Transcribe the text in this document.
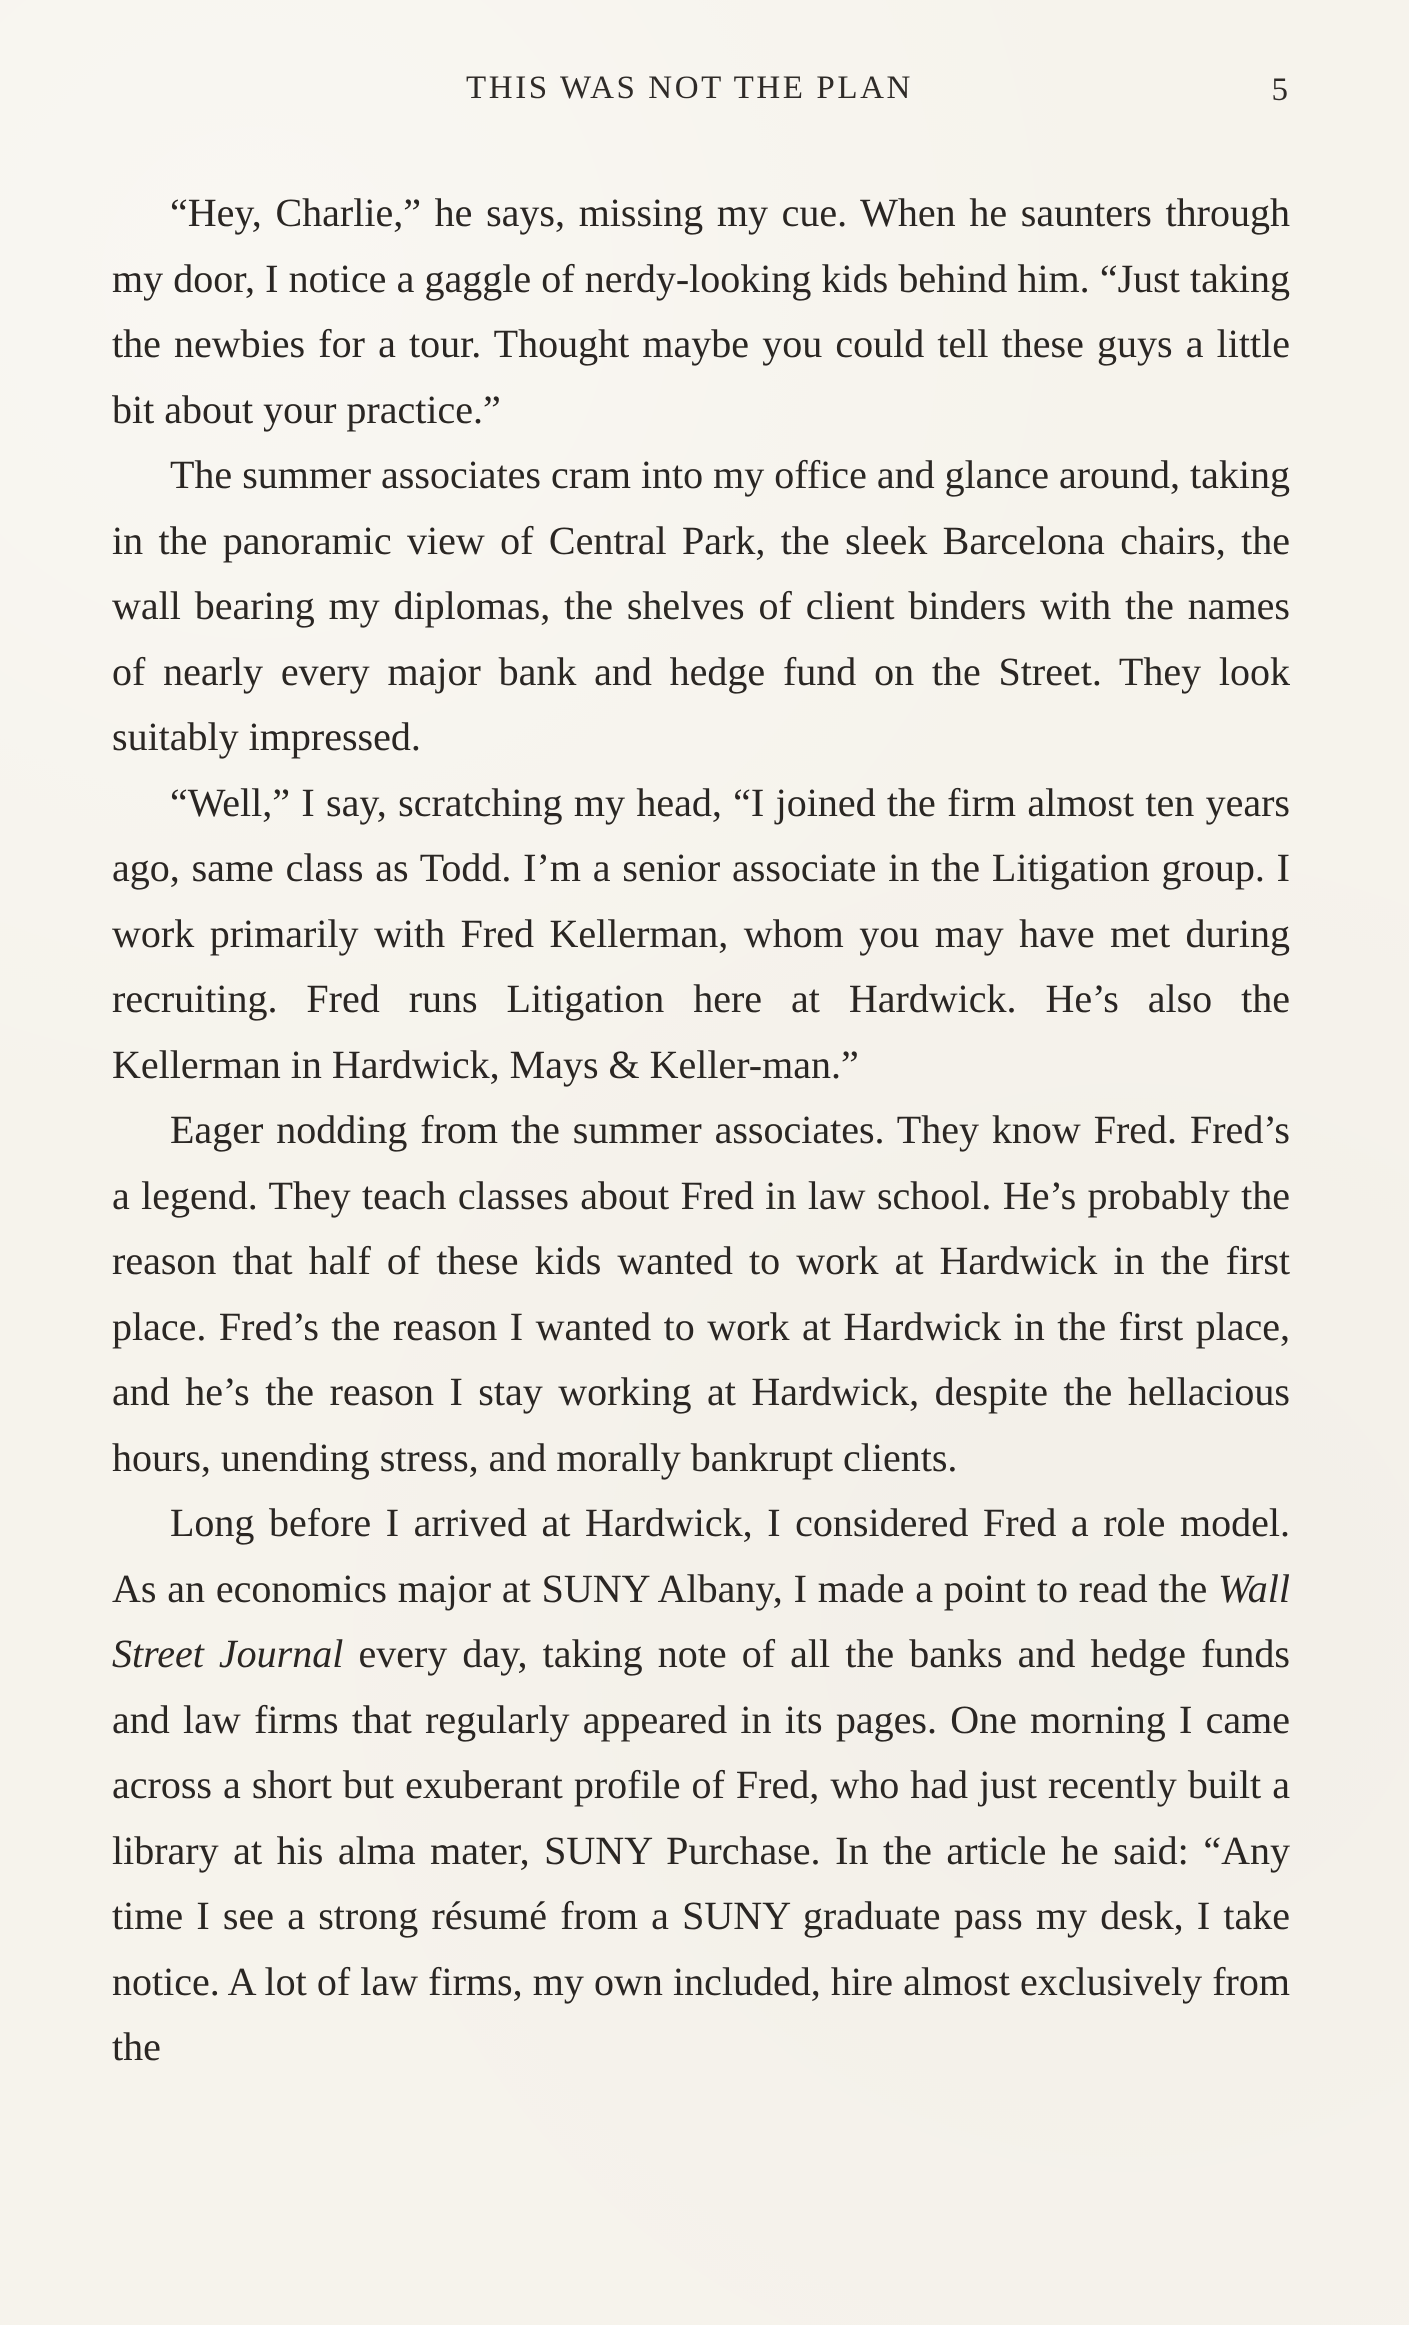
THIS WAS NOT THE PLAN	5

“Hey, Charlie,” he says, missing my cue. When he saunters through my door, I notice a gaggle of nerdy-looking kids behind him. “Just taking the newbies for a tour. Thought maybe you could tell these guys a little bit about your practice.”

The summer associates cram into my office and glance around, taking in the panoramic view of Central Park, the sleek Barcelona chairs, the wall bearing my diplomas, the shelves of client binders with the names of nearly every major bank and hedge fund on the Street. They look suitably impressed.

“Well,” I say, scratching my head, “I joined the firm almost ten years ago, same class as Todd. I’m a senior associate in the Litigation group. I work primarily with Fred Kellerman, whom you may have met during recruiting. Fred runs Litigation here at Hardwick. He’s also the Kellerman in Hardwick, Mays & Keller-man.”

Eager nodding from the summer associates. They know Fred. Fred’s a legend. They teach classes about Fred in law school. He’s probably the reason that half of these kids wanted to work at Hardwick in the first place. Fred’s the reason I wanted to work at Hardwick in the first place, and he’s the reason I stay working at Hardwick, despite the hellacious hours, unending stress, and morally bankrupt clients.

Long before I arrived at Hardwick, I considered Fred a role model. As an economics major at SUNY Albany, I made a point to read the Wall Street Journal every day, taking note of all the banks and hedge funds and law firms that regularly appeared in its pages. One morning I came across a short but exuberant profile of Fred, who had just recently built a library at his alma mater, SUNY Purchase. In the article he said: “Any time I see a strong résumé from a SUNY graduate pass my desk, I take notice. A lot of law firms, my own included, hire almost exclusively from the
